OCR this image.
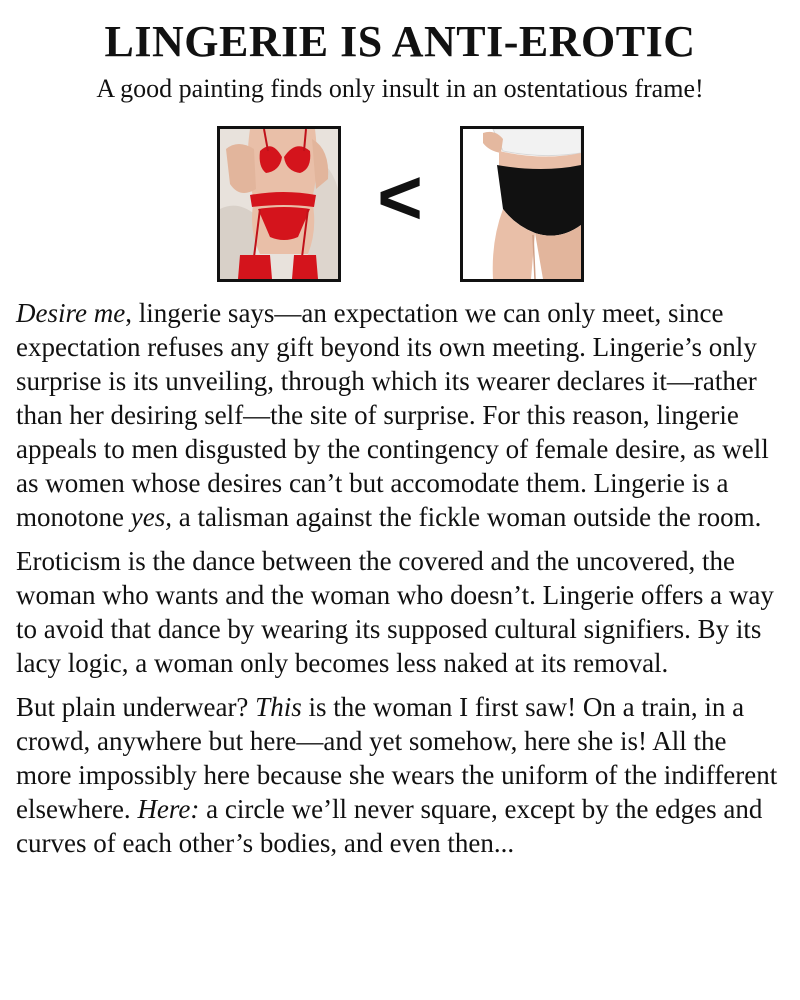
LINGERIE IS ANTI-EROTIC

A good painting finds only insult in an ostentatious frame!

<

Desire me, lingerie says—an expectation we can only meet, since expectation refuses any gift beyond its own meeting. Lingerie’s only surprise is its unveiling, through which its wearer declares it—rather than her desiring self—the site of surprise. For this reason, lingerie appeals to men disgusted by the contingency of female desire, as well as women whose desires can’t but accomodate them. Lingerie is a monotone yes, a talisman against the fickle woman outside the room.

Eroticism is the dance between the covered and the uncovered, the woman who wants and the woman who doesn’t. Lingerie offers a way to avoid that dance by wearing its supposed cultural signifiers. By its lacy logic, a woman only becomes less naked at its removal.

But plain underwear? This is the woman I first saw! On a train, in a crowd, anywhere but here—and yet somehow, here she is! All the more impossibly here because she wears the uniform of the indifferent elsewhere. Here: a circle we’ll never square, except by the edges and curves of each other’s bodies, and even then...
